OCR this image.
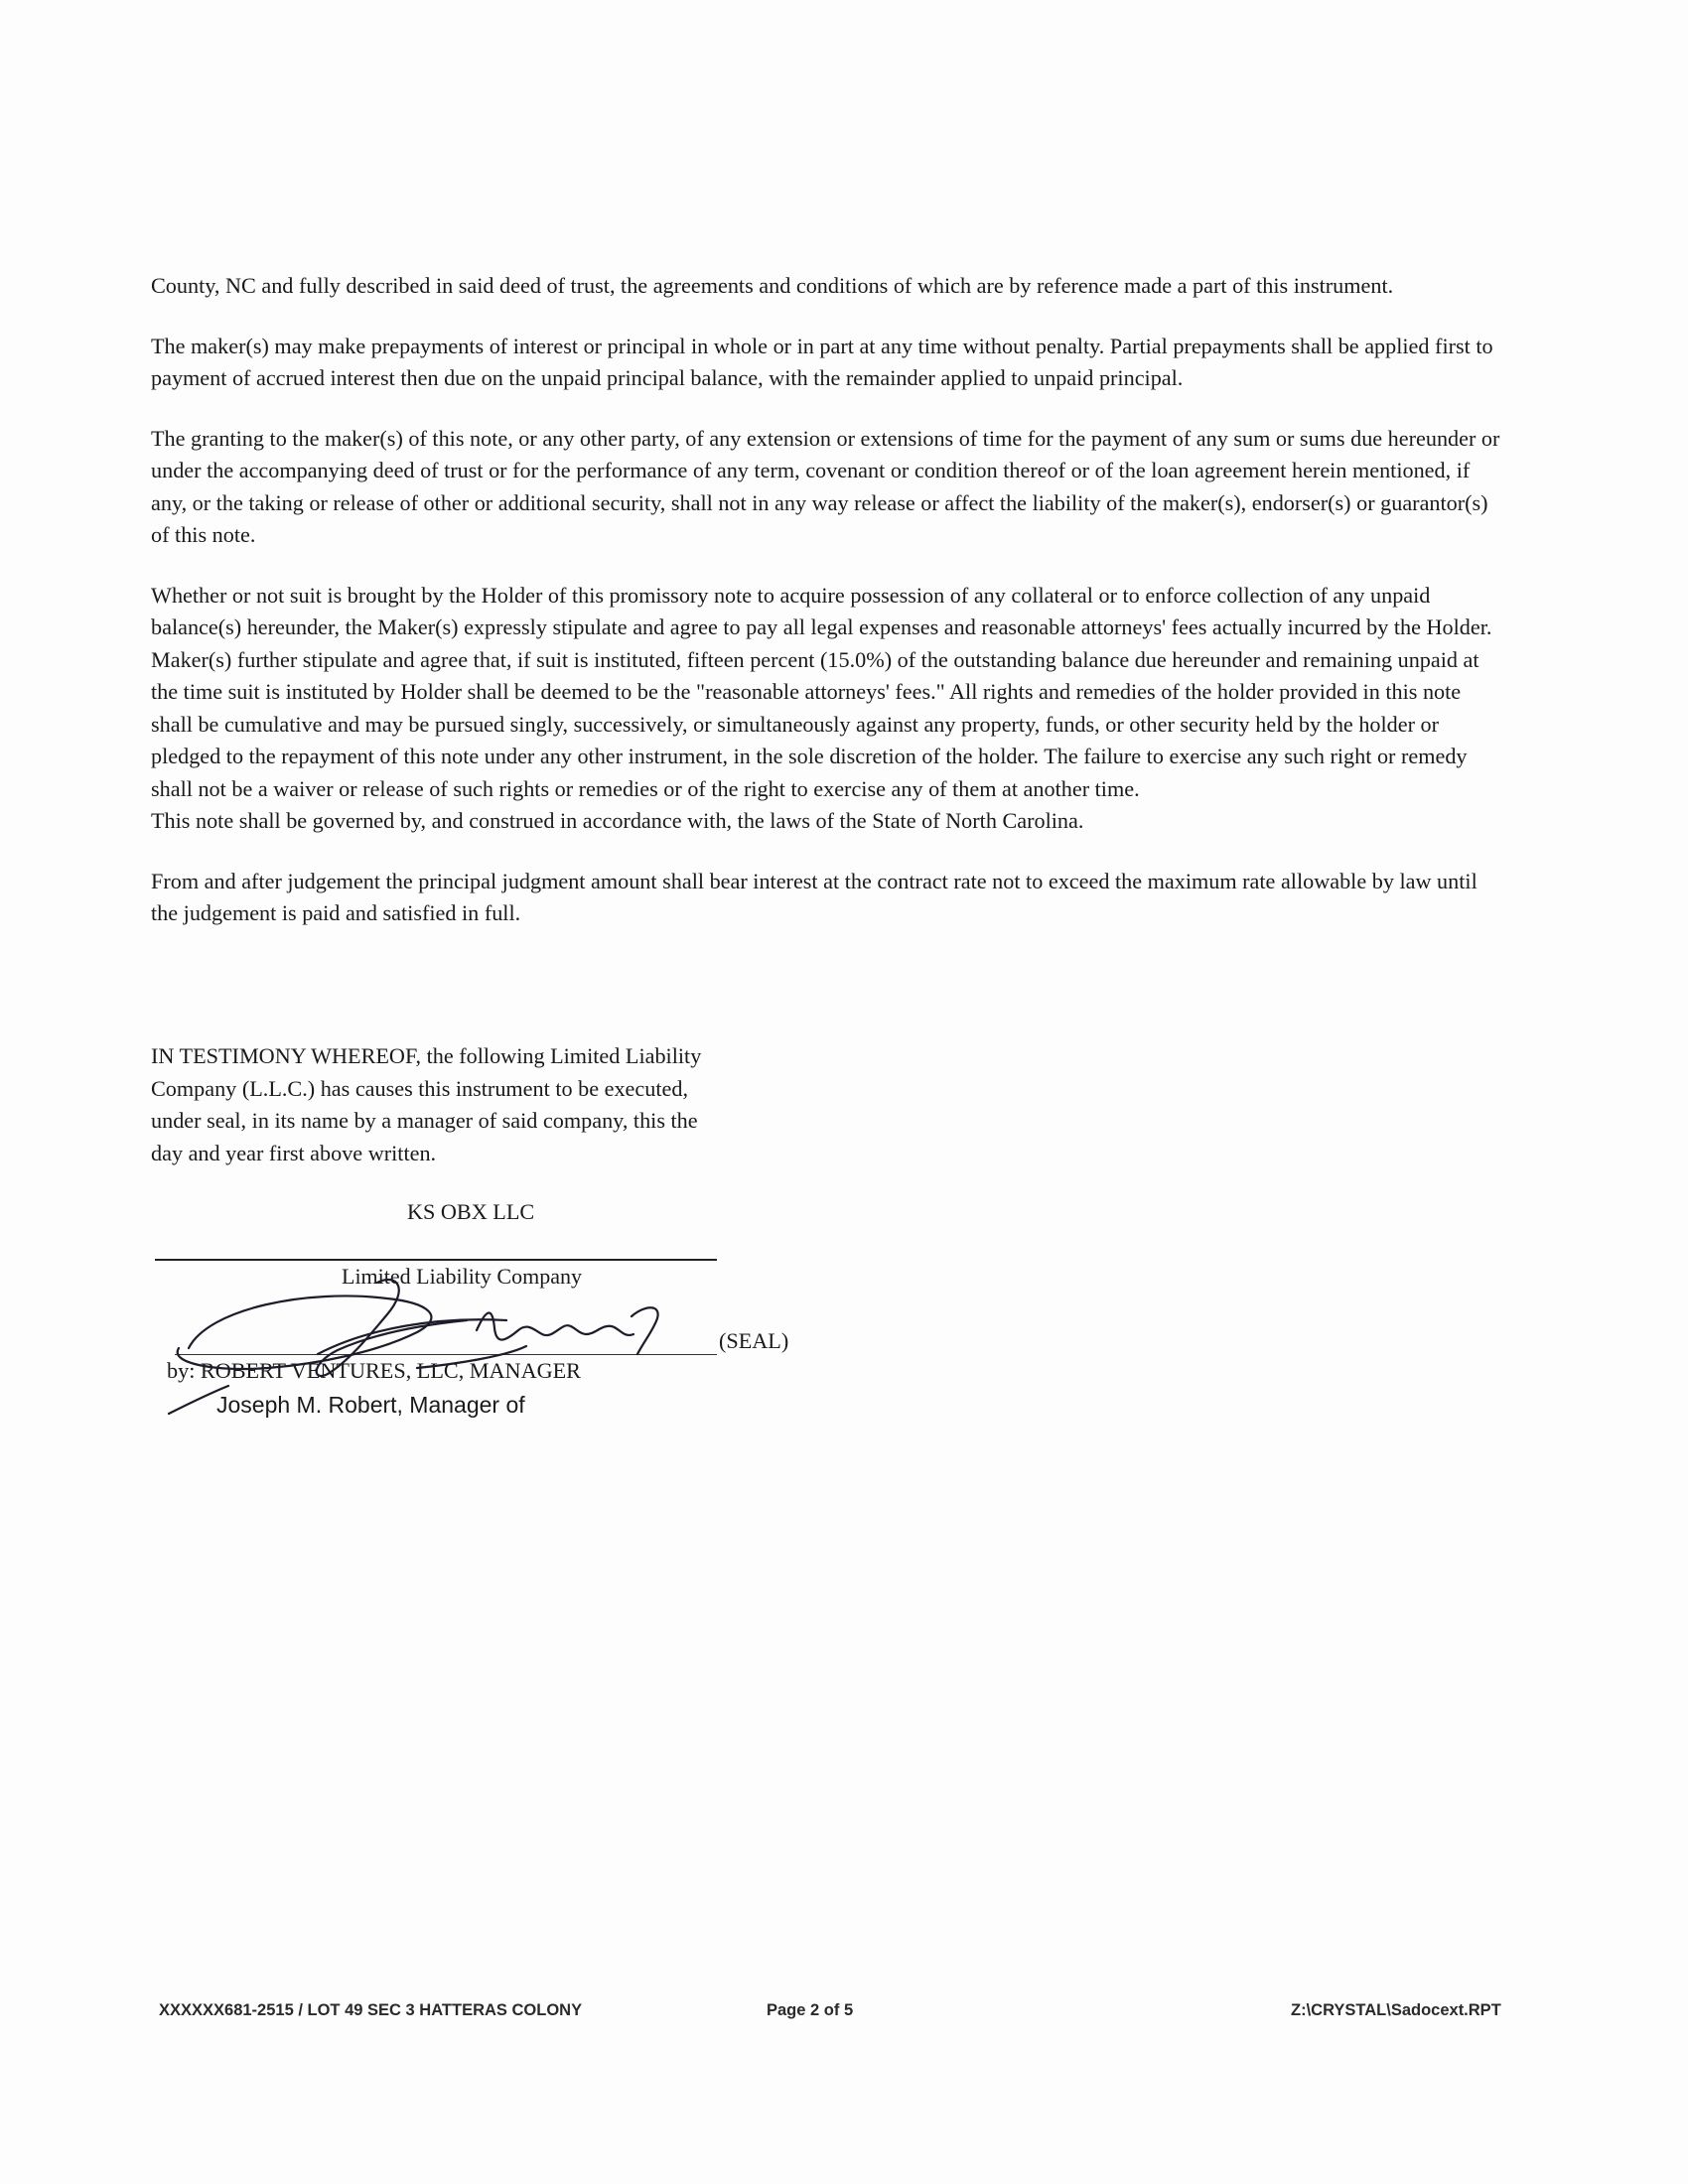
County, NC and fully described in said deed of trust, the agreements and conditions of which are by reference made a part of this instrument.

The maker(s) may make prepayments of interest or principal in whole or in part at any time without penalty. Partial prepayments shall be applied first to payment of accrued interest then due on the unpaid principal balance, with the remainder applied to unpaid principal.

The granting to the maker(s) of this note, or any other party, of any extension or extensions of time for the payment of any sum or sums due hereunder or under the accompanying deed of trust or for the performance of any term, covenant or condition thereof or of the loan agreement herein mentioned, if any, or the taking or release of other or additional security, shall not in any way release or affect the liability of the maker(s), endorser(s) or guarantor(s) of this note.

Whether or not suit is brought by the Holder of this promissory note to acquire possession of any collateral or to enforce collection of any unpaid balance(s) hereunder, the Maker(s) expressly stipulate and agree to pay all legal expenses and reasonable attorneys' fees actually incurred by the Holder. Maker(s) further stipulate and agree that, if suit is instituted, fifteen percent (15.0%) of the outstanding balance due hereunder and remaining unpaid at the time suit is instituted by Holder shall be deemed to be the "reasonable attorneys' fees." All rights and remedies of the holder provided in this note shall be cumulative and may be pursued singly, successively, or simultaneously against any property, funds, or other security held by the holder or pledged to the repayment of this note under any other instrument, in the sole discretion of the holder. The failure to exercise any such right or remedy shall not be a waiver or release of such rights or remedies or of the right to exercise any of them at another time.

This note shall be governed by, and construed in accordance with, the laws of the State of North Carolina.

From and after judgement the principal judgment amount shall bear interest at the contract rate not to exceed the maximum rate allowable by law until the judgement is paid and satisfied in full.

IN TESTIMONY WHEREOF, the following Limited Liability

Company (L.L.C.) has causes this instrument to be executed,

under seal, in its name by a manager of said company, this the

day and year first above written.

KS OBX LLC
Limited Liability Company
(SEAL)
by: ROBERT VENTURES, LLC, MANAGER
Joseph M. Robert, Manager of
XXXXXX681-2515 / LOT 49 SEC 3 HATTERAS COLONY	Page 2 of 5	Z:\CRYSTAL\Sadocext.RPT
